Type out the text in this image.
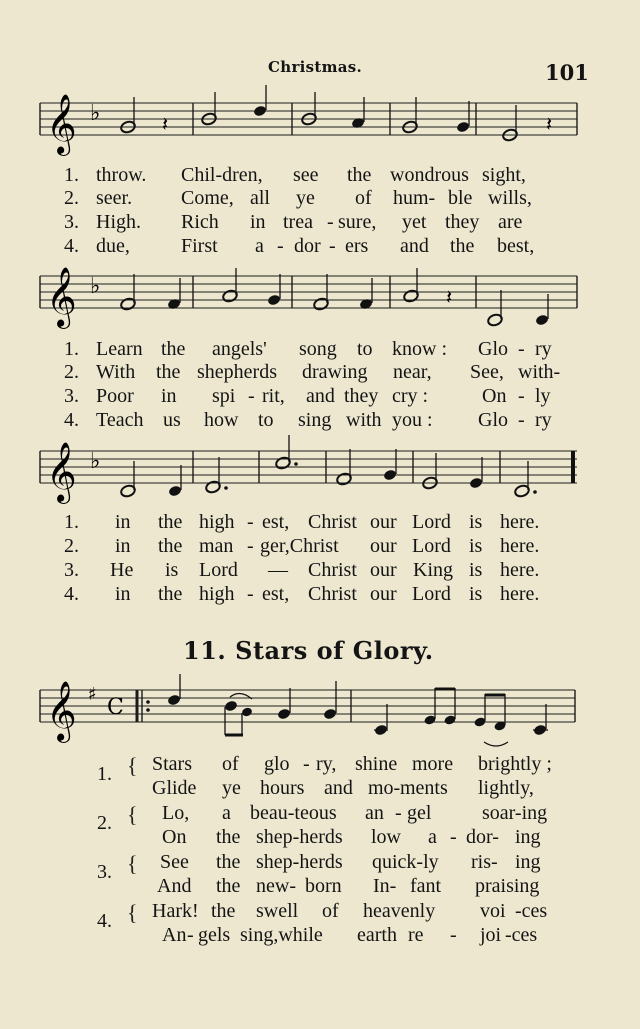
Christmas.	101
𝄞 ♭	𝄽	𝄽
1. throw. Chil-dren, see the wondrous sight,
2. seer. Come, all ye of hum- ble wills,
3. High. Rich in trea - sure, yet they are
4. due,	First a - dor - ers and the best,
𝄞 ♭	𝄽
1. Learn the angels' song to know : Glo - ry
2. With the shepherds drawing near, See, with-
3. Poor in spi - rit, and they cry :	On - ly
4. Teach us how to sing with you : Glo - ry
𝄞 ♭
1. in the high - est, Christ our Lord is here.
2. in the man - ger,Christ our Lord is here.
3. He is Lord — Christ our King is here.
4. in the high - est, Christ our Lord is here.
11. Stars of Glory.
𝄞 ♯
C
1. { Stars of glo - ry, shine more brightly ;
Glide ye hours and mo- ments lightly,
2. { Lo, a beau-teous an - gel	soar-ing
On the shep-herds low a - dor- ing
3. { See the shep-herds quick-ly ris- ing
And the new- born In- fant praising
4. { Hark! the swell of heavenly voi -ces
An - gels sing,while earth re - joi -ces
